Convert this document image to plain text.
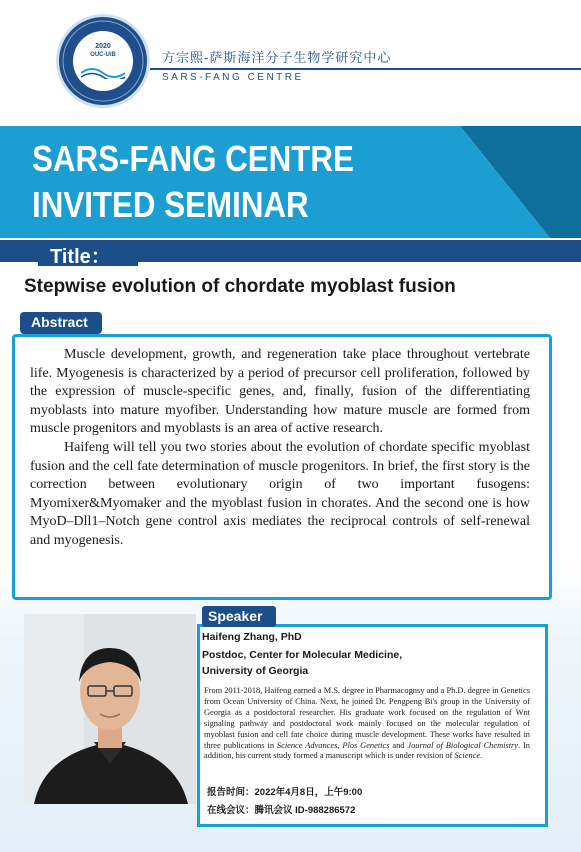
2020
OUC-UiB	方宗熙-萨斯海洋分子生物学研究中心
SARS-FANG CENTRE
SARS-FANG CENTRE
INVITED SEMINAR
Title：
Stepwise evolution of chordate myoblast fusion
Abstract

Muscle development, growth, and regeneration take place throughout vertebrate life. Myogenesis is characterized by a period of precursor cell proliferation, followed by the expression of muscle-specific genes, and, finally, fusion of the differentiating myoblasts into mature myofiber. Understanding how mature muscle are formed from muscle progenitors and myoblasts is an area of active research.

Haifeng will tell you two stories about the evolution of chordate specific myoblast fusion and the cell fate determination of muscle progenitors. In brief, the first story is the correction between evolutionary origin of two important fusogens: Myomixer&Myomaker and the myoblast fusion in chorates. And the second one is how MyoD–Dll1–Notch gene control axis mediates the reciprocal controls of self-renewal and myogenesis.

Speaker
Haifeng Zhang, PhD
Postdoc, Center for Molecular Medicine,
University of Georgia
From 2011-2018, Haifeng earned a M.S. degree in Pharmacognsy and a Ph.D. degree in Genetics from Ocean University of China. Next, he joined Dr. Pengpeng Bi's group in the University of Georgia as a postdoctoral researcher. His graduate work focused on the regulation of Wnt signaling pathway and postdoctoral work mainly focused on the molecular regulation of myoblast fusion and cell fate choice during muscle development. These works have resulted in three publications in Science Advances, Plos Genetics and Journal of Biological Chemistry. In addition, his current study formed a manuscript which is under revision of Science.
报告时间：2022年4月8日，上午9:00
在线会议：腾讯会议 ID-988286572
